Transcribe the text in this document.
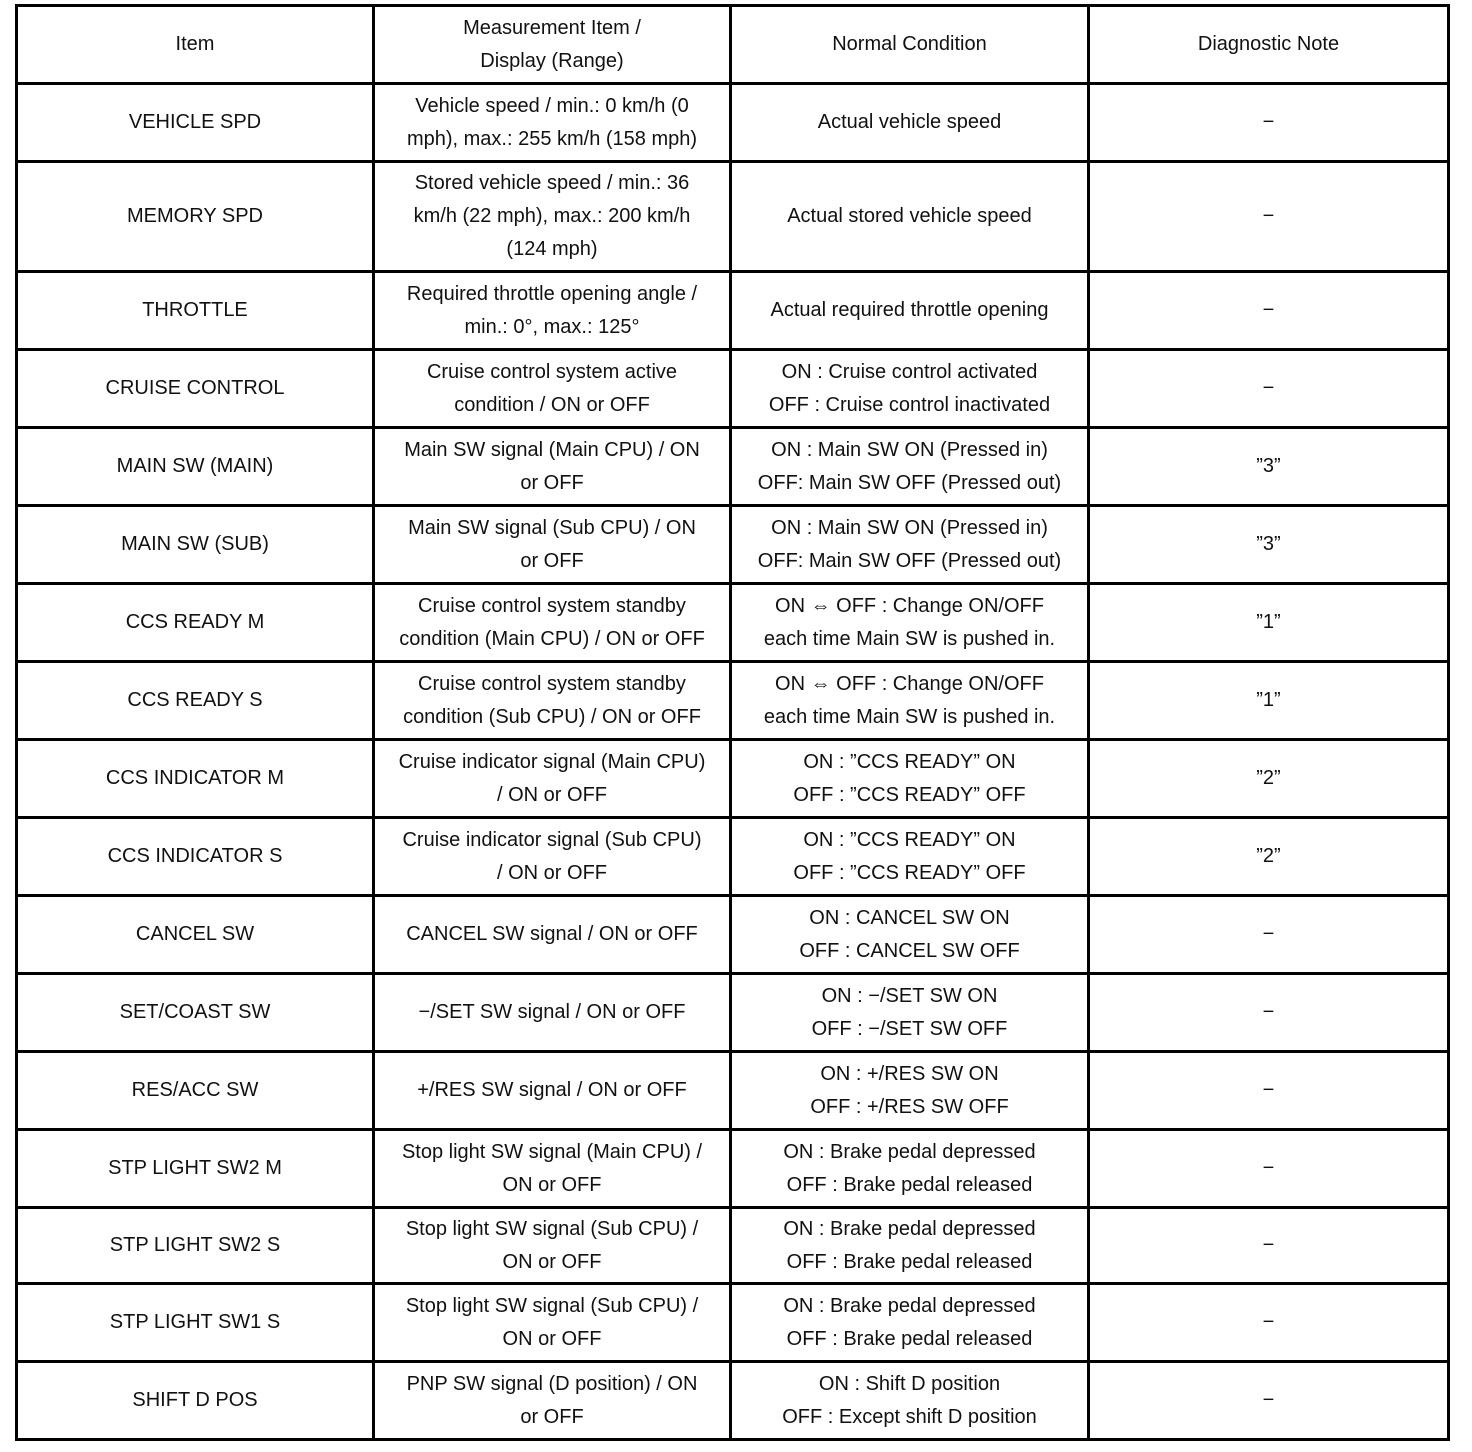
Item	Measurement Item /
Display (Range)	Normal Condition	Diagnostic Note
VEHICLE SPD	Vehicle speed / min.: 0 km/h (0
mph), max.: 255 km/h (158 mph)	Actual vehicle speed	−
MEMORY SPD	Stored vehicle speed / min.: 36
km/h (22 mph), max.: 200 km/h
(124 mph)	Actual stored vehicle speed	−
THROTTLE	Required throttle opening angle /
min.: 0°, max.: 125°	Actual required throttle opening	−
CRUISE CONTROL	Cruise control system active
condition / ON or OFF	ON : Cruise control activated
OFF : Cruise control inactivated	−
MAIN SW (MAIN)	Main SW signal (Main CPU) / ON
or OFF	ON : Main SW ON (Pressed in)
OFF: Main SW OFF (Pressed out)	”3”
MAIN SW (SUB)	Main SW signal (Sub CPU) / ON
or OFF	ON : Main SW ON (Pressed in)
OFF: Main SW OFF (Pressed out)	”3”
CCS READY M	Cruise control system standby
condition (Main CPU) / ON or OFF	ON ⇔ OFF : Change ON/OFF
each time Main SW is pushed in.	”1”
CCS READY S	Cruise control system standby
condition (Sub CPU) / ON or OFF	ON ⇔ OFF : Change ON/OFF
each time Main SW is pushed in.	”1”
CCS INDICATOR M	Cruise indicator signal (Main CPU)
/ ON or OFF	ON : ”CCS READY” ON
OFF : ”CCS READY” OFF	”2”
CCS INDICATOR S	Cruise indicator signal (Sub CPU)
/ ON or OFF	ON : ”CCS READY” ON
OFF : ”CCS READY” OFF	”2”
CANCEL SW	CANCEL SW signal / ON or OFF	ON : CANCEL SW ON
OFF : CANCEL SW OFF	−
SET/COAST SW	−/SET SW signal / ON or OFF	ON : −/SET SW ON
OFF : −/SET SW OFF	−
RES/ACC SW	+/RES SW signal / ON or OFF	ON : +/RES SW ON
OFF : +/RES SW OFF	−
STP LIGHT SW2 M	Stop light SW signal (Main CPU) /
ON or OFF	ON : Brake pedal depressed
OFF : Brake pedal released	−
STP LIGHT SW2 S	Stop light SW signal (Sub CPU) /
ON or OFF	ON : Brake pedal depressed
OFF : Brake pedal released	−
STP LIGHT SW1 S	Stop light SW signal (Sub CPU) /
ON or OFF	ON : Brake pedal depressed
OFF : Brake pedal released	−
SHIFT D POS	PNP SW signal (D position) / ON
or OFF	ON : Shift D position
OFF : Except shift D position	−
